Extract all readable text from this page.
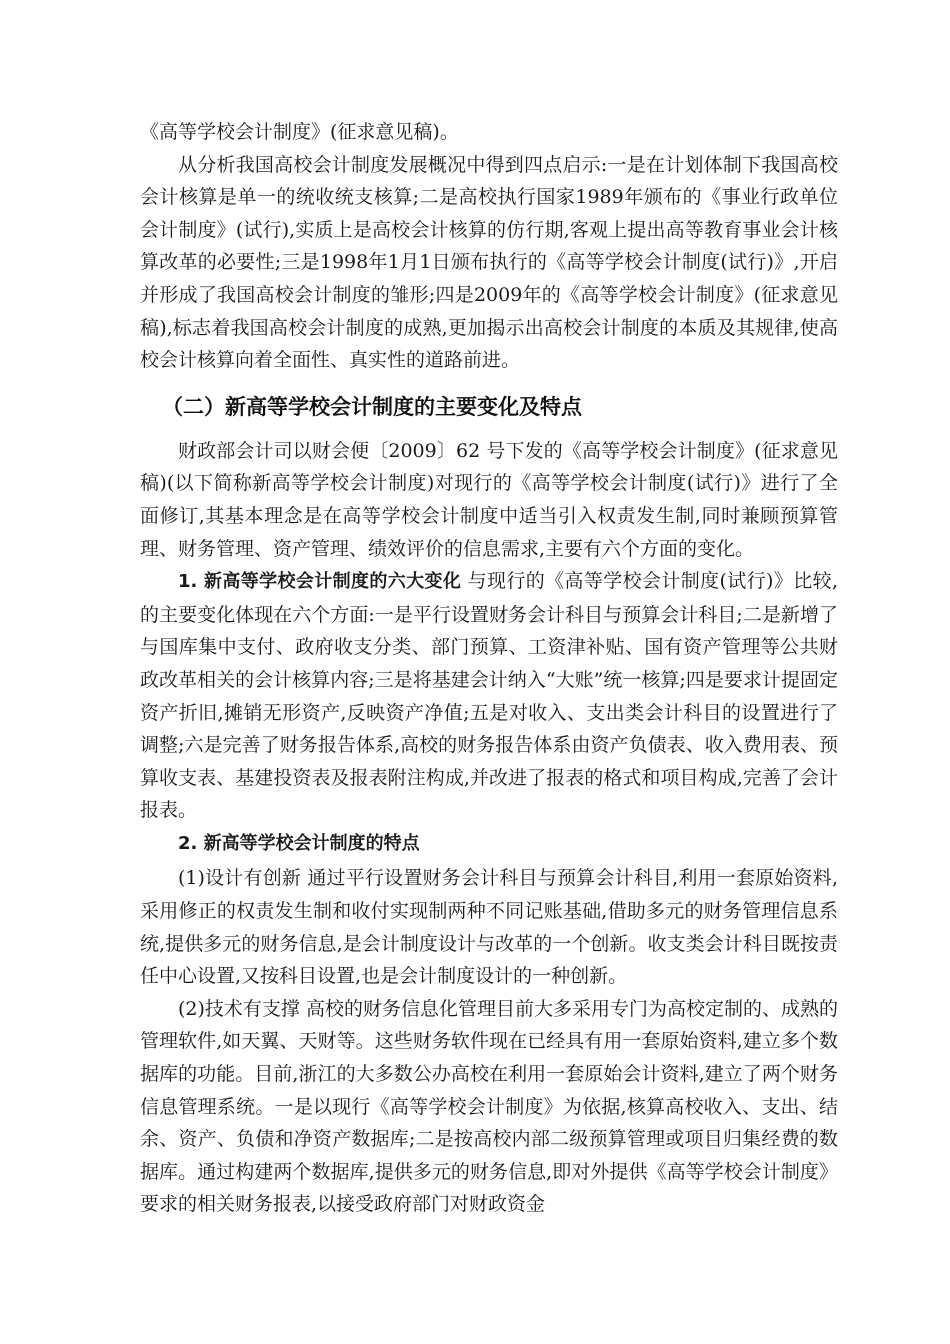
《高等学校会计制度》(征求意见稿)。

从分析我国高校会计制度发展概况中得到四点启示:一是在计划体制下我国高校会计核算是单一的统收统支核算;二是高校执行国家1989年颁布的《事业行政单位会计制度》(试行),实质上是高校会计核算的仿行期,客观上提出高等教育事业会计核算改革的必要性;三是1998年1月1日颁布执行的《高等学校会计制度(试行)》,开启并形成了我国高校会计制度的雏形;四是2009年的《高等学校会计制度》(征求意见稿),标志着我国高校会计制度的成熟,更加揭示出高校会计制度的本质及其规律,使高校会计核算向着全面性、真实性的道路前进。

（二）新高等学校会计制度的主要变化及特点

财政部会计司以财会便〔2009〕62 号下发的《高等学校会计制度》(征求意见稿)(以下简称新高等学校会计制度)对现行的《高等学校会计制度(试行)》进行了全面修订,其基本理念是在高等学校会计制度中适当引入权责发生制,同时兼顾预算管理、财务管理、资产管理、绩效评价的信息需求,主要有六个方面的变化。

1. 新高等学校会计制度的六大变化 与现行的《高等学校会计制度(试行)》比较,的主要变化体现在六个方面:一是平行设置财务会计科目与预算会计科目;二是新增了与国库集中支付、政府收支分类、部门预算、工资津补贴、国有资产管理等公共财政改革相关的会计核算内容;三是将基建会计纳入“大账”统一核算;四是要求计提固定资产折旧,摊销无形资产,反映资产净值;五是对收入、支出类会计科目的设置进行了调整;六是完善了财务报告体系,高校的财务报告体系由资产负债表、收入费用表、预算收支表、基建投资表及报表附注构成,并改进了报表的格式和项目构成,完善了会计报表。

2. 新高等学校会计制度的特点

(1)设计有创新 通过平行设置财务会计科目与预算会计科目,利用一套原始资料,采用修正的权责发生制和收付实现制两种不同记账基础,借助多元的财务管理信息系统,提供多元的财务信息,是会计制度设计与改革的一个创新。收支类会计科目既按责任中心设置,又按科目设置,也是会计制度设计的一种创新。

(2)技术有支撑 高校的财务信息化管理目前大多采用专门为高校定制的、成熟的管理软件,如天翼、天财等。这些财务软件现在已经具有用一套原始资料,建立多个数据库的功能。目前,浙江的大多数公办高校在利用一套原始会计资料,建立了两个财务信息管理系统。一是以现行《高等学校会计制度》为依据,核算高校收入、支出、结余、资产、负债和净资产数据库;二是按高校内部二级预算管理或项目归集经费的数据库。通过构建两个数据库,提供多元的财务信息,即对外提供《高等学校会计制度》要求的相关财务报表,以接受政府部门对财政资金
